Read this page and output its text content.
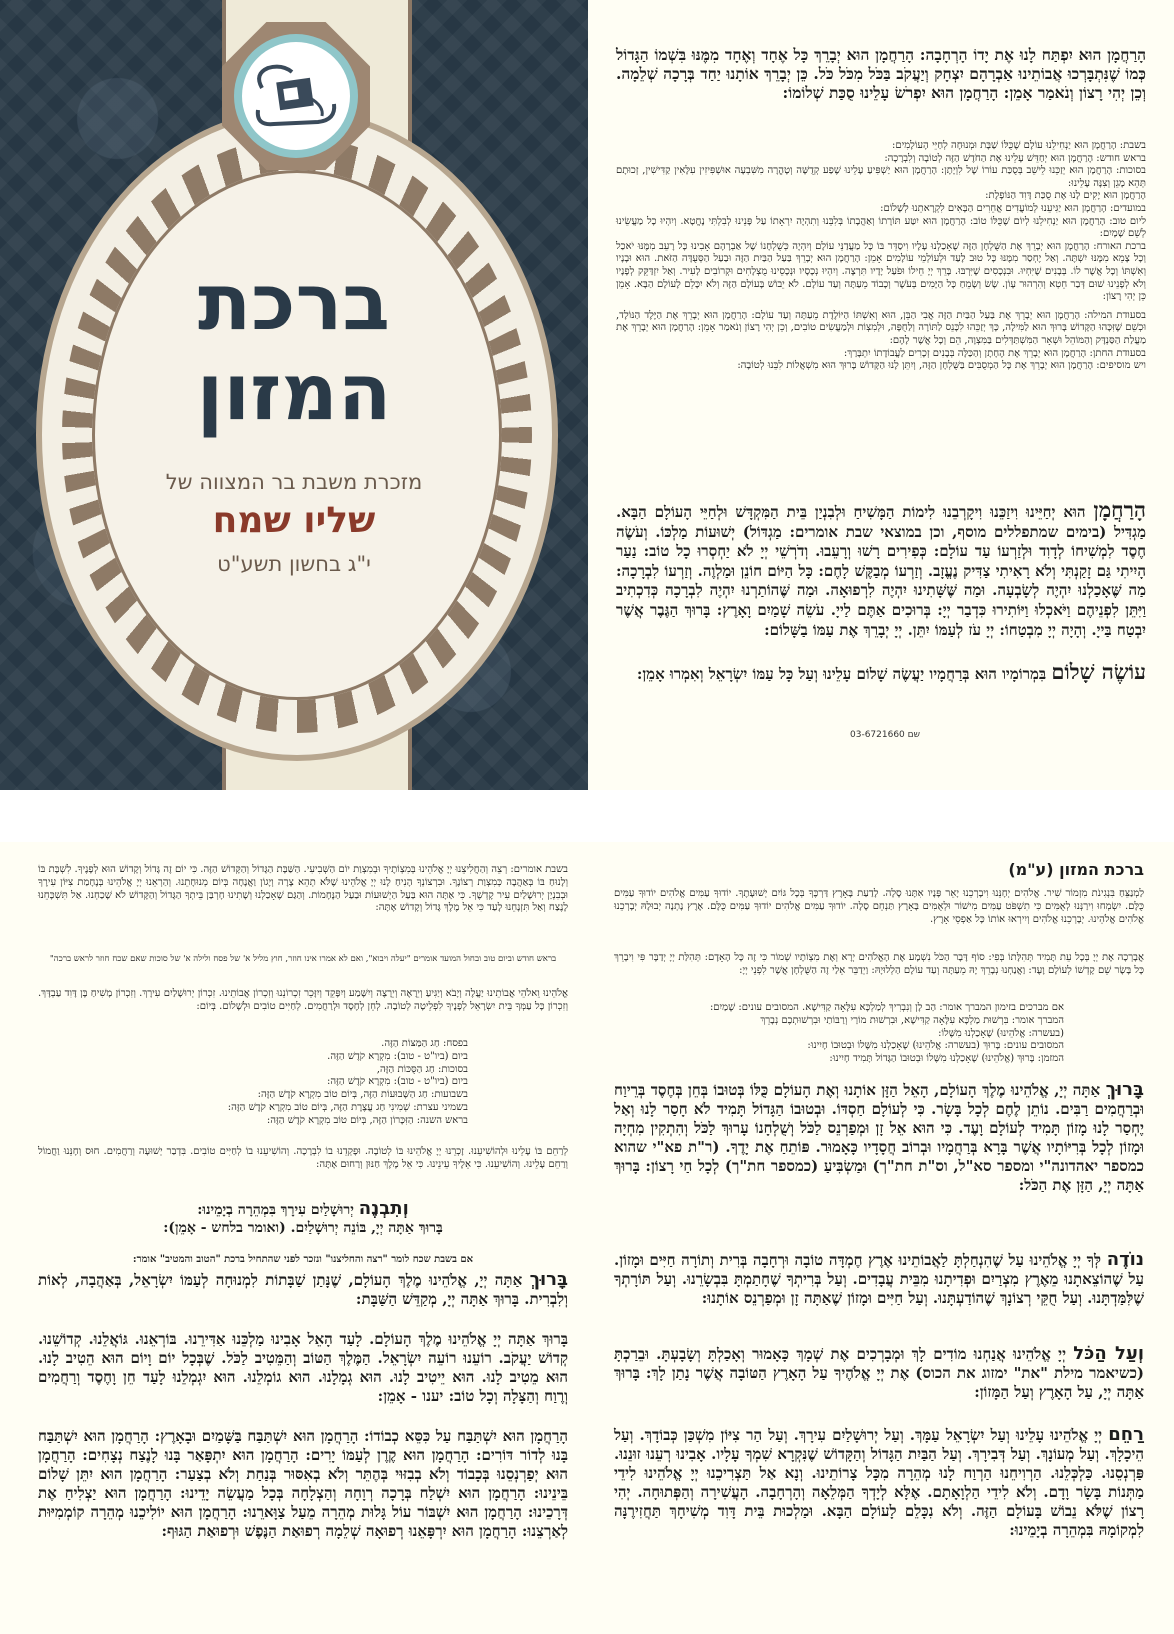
ברכת
המזון
מזכרת משבת בר המצווה של
שליו שמח
י"ג בחשון תשע"ט
הָרַחֲמָן הוּא יִפְתַּח לָנוּ אֶת יָדוֹ הָרְחָבָה: הָרַחֲמָן הוּא יְבָרֵךְ כָּל אֶחָד וְאֶחָד מִמֶּנּוּ בִּשְׁמוֹ הַגָּדוֹל כְּמוֹ שֶׁנִּתְבָּרְכוּ אֲבוֹתֵינוּ אַבְרָהָם יִצְחָק וְיַעֲקֹב בַּכֹּל מִכֹּל כֹּל. כֵּן יְבָרֵךְ אוֹתָנוּ יַחַד בְּרָכָה שְׁלֵמָה. וְכֵן יְהִי רָצוֹן וְנֹאמַר אָמֵן: הָרַחֲמָן הוּא יִפְרֹשׂ עָלֵינוּ סֻכַּת שְׁלוֹמוֹ:
בשבת: הָרַחֲמָן הוּא יַנְחִילֵנוּ עוֹלָם שֶׁכֻּלּוֹ שַׁבָּת וּמְנוּחָה לְחַיֵּי הָעוֹלָמִים:
בראש חודש: הָרַחֲמָן הוּא יְחַדֵּשׁ עָלֵינוּ אֶת הַחֹדֶשׁ הַזֶּה לְטוֹבָה וְלִבְרָכָה:
בסוכות: הָרַחֲמָן הוּא יְזַכֵּנוּ לֵישֵׁב בְּסֻכַּת עוֹרוֹ שֶׁל לִוְיָתָן: הָרַחֲמָן הוּא יַשְׁפִּיעַ עָלֵינוּ שֶׁפַע קְדֻשָּׁה וְטָהֳרָה מִשִּׁבְעָה אוּשְׁפִּיזִין עִלָּאִין קַדִּישִׁין, זְכוּתָם תְּהֵא מָגֵן וְצִנָּה עָלֵינוּ:
הָרַחֲמָן הוּא יָקִים לָנוּ אֶת סֻכַּת דָּוִד הַנּוֹפָלֶת:
במועדים: הָרַחֲמָן הוּא יַגִּיעֵנוּ לְמוֹעֲדִים אֲחֵרִים הַבָּאִים לִקְרָאתֵנוּ לְשָׁלוֹם:
ליום טוב: הָרַחֲמָן הוּא יַנְחִילֵנוּ לְיוֹם שֶׁכֻּלּוֹ טוֹב: הָרַחֲמָן הוּא יִטַּע תּוֹרָתוֹ וְאַהֲבָתוֹ בְּלִבֵּנוּ וְתִהְיֶה יִרְאָתוֹ עַל פָּנֵינוּ לְבִלְתִּי נֶחֱטָא. וְיִהְיוּ כָל מַעֲשֵׂינוּ לְשֵׁם שָׁמָיִם:
ברכת האורח: הָרַחֲמָן הוּא יְבָרֵךְ אֶת הַשֻּׁלְחָן הַזֶּה שֶׁאָכַלְנוּ עָלָיו וִיסַדֵּר בּוֹ כָּל מַעֲדַנֵּי עוֹלָם וְיִהְיֶה כְּשֻׁלְחָנוֹ שֶׁל אַבְרָהָם אָבִינוּ כָּל רָעֵב מִמֶּנּוּ יֹאכַל וְכָל צָמֵא מִמֶּנּוּ יִשְׁתֶּה. וְאַל יֶחְסַר מִמֶּנּוּ כָּל טוּב לָעַד וּלְעוֹלְמֵי עוֹלָמִים אָמֵן: הָרַחֲמָן הוּא יְבָרֵךְ בַּעַל הַבַּיִת הַזֶּה וּבַעַל הַסְּעֻדָּה הַזֹּאת. הוּא וּבָנָיו וְאִשְׁתּוֹ וְכָל אֲשֶׁר לוֹ. בְּבָנִים שֶׁיִּחְיוּ. וּבִנְכָסִים שֶׁיִּרְבּוּ. בָּרֵךְ יְיָ חֵילוֹ וּפֹעַל יָדָיו תִּרְצֶה. וְיִהְיוּ נְכָסָיו וּנְכָסֵינוּ מֻצְלָחִים וּקְרוֹבִים לָעִיר. וְאַל יִזְדַּקֵּק לְפָנָיו וְלֹא לְפָנֵינוּ שׁוּם דְּבַר חֵטְא וְהִרְהוּר עָוֹן. שָׂשׂ וְשָׂמֵחַ כָּל הַיָּמִים בְּעֹשֶׁר וְכָבוֹד מֵעַתָּה וְעַד עוֹלָם. לֹא יֵבוֹשׁ בָּעוֹלָם הַזֶּה וְלֹא יִכָּלֵם לָעוֹלָם הַבָּא. אָמֵן כֵּן יְהִי רָצוֹן:
בסעודת המילה: הָרַחֲמָן הוּא יְבָרֵךְ אֶת בַּעַל הַבַּיִת הַזֶּה אֲבִי הַבֵּן, הוּא וְאִשְׁתּוֹ הַיּוֹלֶדֶת מֵעַתָּה וְעַד עוֹלָם: הָרַחֲמָן הוּא יְבָרֵךְ אֶת הַיֶּלֶד הַנּוֹלָד, וּכְשֵׁם שֶׁזִּכָּהוּ הַקָּדוֹשׁ בָּרוּךְ הוּא לַמִּילָה, כָּךְ יְזַכֵּהוּ לִכָּנֵס לַתּוֹרָה וְלַחֻפָּה, וּלְמִצְוֹת וּלְמַעֲשִׂים טוֹבִים, וְכֵן יְהִי רָצוֹן וְנֹאמַר אָמֵן: הָרַחֲמָן הוּא יְבָרֵךְ אֶת מַעֲלַת הַסַּנְדָּק וְהַמּוֹהֵל וּשְׁאָר הַמִּשְׁתַּדְּלִים בַּמִּצְוָה, הֵם וְכָל אֲשֶׁר לָהֶם:
בסעודת החתן: הָרַחֲמָן הוּא יְבָרֵךְ אֶת הֶחָתָן וְהַכַּלָּה בְּבָנִים זְכָרִים לַעֲבוֹדָתוֹ יִתְבָּרַךְ:
ויש מוסיפים: הָרַחֲמָן הוּא יְבָרֵךְ אֶת כָּל הַמְסֻבִּים בַּשֻּׁלְחָן הַזֶּה, וְיִתֵּן לָנוּ הַקָּדוֹשׁ בָּרוּךְ הוּא מִשְׁאֲלוֹת לִבֵּנוּ לְטוֹבָה:
הָרַחֲמָן הוּא יְחַיֵּינוּ וִיזַכֵּנוּ וִיקָרְבֵנוּ לִימוֹת הַמָּשִׁיחַ וּלְבִנְיַן בֵּית הַמִּקְדָּשׁ וּלְחַיֵּי הָעוֹלָם הַבָּא. מַגְדִּיל (בימים שמתפללים מוסף, וכן במוצאי שבת אומרים: מַגְדּוֹל) יְשׁוּעוֹת מַלְכּוֹ. וְעֹשֶׂה חֶסֶד לִמְשִׁיחוֹ לְדָוִד וּלְזַרְעוֹ עַד עוֹלָם: כְּפִירִים רָשׁוּ וְרָעֵבוּ. וְדֹרְשֵׁי יְיָ לֹא יַחְסְרוּ כָל טוֹב: נַעַר הָיִיתִי גַּם זָקַנְתִּי וְלֹא רָאִיתִי צַדִּיק נֶעֱזָב. וְזַרְעוֹ מְבַקֶּשׁ לָחֶם: כָּל הַיּוֹם חוֹנֵן וּמַלְוֶה. וְזַרְעוֹ לִבְרָכָה: מַה שֶּׁאָכַלְנוּ יִהְיֶה לְשָׂבְעָה. וּמַה שֶּׁשָּׁתִינוּ יִהְיֶה לִרְפוּאָה. וּמַה שֶּׁהוֹתַרְנוּ יִהְיֶה לִבְרָכָה כְּדִכְתִיב וַיִּתֵּן לִפְנֵיהֶם וַיֹּאכְלוּ וַיּוֹתִירוּ כִּדְבַר יְיָ: בְּרוּכִים אַתֶּם לַייָ. עֹשֵׂה שָׁמַיִם וָאָרֶץ: בָּרוּךְ הַגֶּבֶר אֲשֶׁר יִבְטַח בַּייָ. וְהָיָה יְיָ מִבְטַחוֹ: יְיָ עֹז לְעַמּוֹ יִתֵּן. יְיָ יְבָרֵךְ אֶת עַמּוֹ בַשָּׁלוֹם:
עוֹשֶׂה שָׁלוֹם בִּמְרוֹמָיו הוּא בְּרַחֲמָיו יַעֲשֶׂה שָׁלוֹם עָלֵינוּ וְעַל כָּל עַמּוֹ יִשְׂרָאֵל וְאִמְרוּ אָמֵן:
שם 03-6721660
בשבת אומרים: רְצֵה וְהַחֲלִיצֵנוּ יְיָ אֱלֹהֵינוּ בְּמִצְוֹתֶיךָ וּבְמִצְוַת יוֹם הַשְּׁבִיעִי. הַשַּׁבָּת הַגָּדוֹל וְהַקָּדוֹשׁ הַזֶּה. כִּי יוֹם זֶה גָּדוֹל וְקָדוֹשׁ הוּא לְפָנֶיךָ. לִשְׁבָּת בּוֹ וְלָנוּחַ בּוֹ בְּאַהֲבָה כְּמִצְוַת רְצוֹנֶךָ. וּבִרְצוֹנְךָ הָנִיחַ לָנוּ יְיָ אֱלֹהֵינוּ שֶׁלֹּא תְהֵא צָרָה וְיָגוֹן וַאֲנָחָה בְּיוֹם מְנוּחָתֵנוּ. וְהַרְאֵנוּ יְיָ אֱלֹהֵינוּ בְּנֶחָמַת צִיּוֹן עִירֶךָ וּבְבִנְיַן יְרוּשָׁלַיִם עִיר קָדְשֶׁךָ. כִּי אַתָּה הוּא בַּעַל הַיְשׁוּעוֹת וּבַעַל הַנֶּחָמוֹת. וְהַגַּם שֶׁאָכַלְנוּ וְשָׁתִינוּ חָרְבַּן בֵּיתְךָ הַגָּדוֹל וְהַקָּדוֹשׁ לֹא שָׁכַחְנוּ. אַל תִּשְׁכָּחֵנוּ לָנֶצַח וְאַל תִּזְנָחֵנוּ לָעַד כִּי אֵל מֶלֶךְ גָּדוֹל וְקָדוֹשׁ אָתָּה:
בראש חודש וביום טוב ובחול המועד אומרים "יעלה ויבוא", ואם לא אמרו אינו חוזר, חוץ מליל א' של פסח ולילה א' של סוכות שאם שכח חוזר לראש ברכה"
אֱלֹהֵינוּ וֵאלֹהֵי אֲבוֹתֵינוּ יַעֲלֶה וְיָבֹא וְיַגִּיעַ וְיֵרָאֶה וְיֵרָצֶה וְיִשָּׁמַע וְיִפָּקֵד וְיִזָּכֵר זִכְרוֹנֵנוּ וְזִכְרוֹן אֲבוֹתֵינוּ. זִכְרוֹן יְרוּשָׁלַיִם עִירָךְ. וְזִכְרוֹן מָשִׁיחַ בֶּן דָּוִד עַבְדָּךְ. וְזִכְרוֹן כָּל עַמְּךָ בֵּית יִשְׂרָאֵל לְפָנֶיךָ לִפְלֵיטָה לְטוֹבָה. לְחֵן לְחֶסֶד וּלְרַחֲמִים. לְחַיִּים טוֹבִים וּלְשָׁלוֹם. בְּיוֹם:
בפסח: חַג הַמַּצּוֹת הַזֶּה.
ביום (ביו"ט - טוב): מִקְרָא קֹדֶשׁ הַזֶּה.
בסוכות: חַג הַסֻּכּוֹת הַזֶּה,
ביום (ביו"ט - טוב): מִקְרָא קֹדֶשׁ הַזֶּה:
בשבועות: חַג הַשָּׁבוּעוֹת הַזֶּה, בְּיוֹם טוֹב מִקְרָא קֹדֶשׁ הַזֶּה:
בשמיני עצרת: שְׁמִינִי חַג עֲצֶרֶת הַזֶּה, בְּיוֹם טוֹב מִקְרָא קֹדֶשׁ הַזֶּה:
בראש השנה: הַזִּכָּרוֹן הַזֶּה, בְּיוֹם טוֹב מִקְרָא קֹדֶשׁ הַזֶּה:
לְרַחֵם בּוֹ עָלֵינוּ וּלְהוֹשִׁיעֵנוּ. זָכְרֵנוּ יְיָ אֱלֹהֵינוּ בּוֹ לְטוֹבָה. וּפָקְדֵנוּ בוֹ לִבְרָכָה. וְהוֹשִׁיעֵנוּ בוֹ לְחַיִּים טוֹבִים. בִּדְבַר יְשׁוּעָה וְרַחֲמִים. חוּס וְחָנֵּנוּ וַחֲמוֹל וְרַחֵם עָלֵינוּ. וְהוֹשִׁיעֵנוּ. כִּי אֵלֶיךָ עֵינֵינוּ. כִּי אֵל מֶלֶךְ חַנּוּן וְרַחוּם אָתָּה:
וְתִבְנֶה יְרוּשָׁלַיִם עִירָךְ בִּמְהֵרָה בְיָמֵינוּ:
בָּרוּךְ אַתָּה יְיָ, בּוֹנֵה יְרוּשָׁלַיִם. (ואומר בלחש - אָמֵן):
אם בשבת שכח לומר "רצה והחליצנו" ונזכר לפני שהתחיל ברכת "הטוב והמטיב" אומר:
בָּרוּךְ אַתָּה יְיָ, אֱלֹהֵינוּ מֶלֶךְ הָעוֹלָם, שֶׁנָּתַן שַׁבָּתוֹת לִמְנוּחָה לְעַמּוֹ יִשְׂרָאֵל, בְּאַהֲבָה, לְאוֹת וְלִבְרִית. בָּרוּךְ אַתָּה יְיָ, מְקַדֵּשׁ הַשַּׁבָּת:
בָּרוּךְ אַתָּה יְיָ אֱלֹהֵינוּ מֶלֶךְ הָעוֹלָם. לָעַד הָאֵל אָבִינוּ מַלְכֵּנוּ אַדִּירֵנוּ. בּוֹרְאֵנוּ. גּוֹאֲלֵנוּ. קְדוֹשֵׁנוּ. קְדוֹשׁ יַעֲקֹב. רוֹעֵנוּ רוֹעֵה יִשְׂרָאֵל. הַמֶּלֶךְ הַטּוֹב וְהַמֵּטִיב לַכֹּל. שֶׁבְּכָל יוֹם וָיוֹם הוּא הֵטִיב לָנוּ. הוּא מֵטִיב לָנוּ. הוּא יֵיטִיב לָנוּ. הוּא גְמָלָנוּ. הוּא גוֹמְלֵנוּ. הוּא יִגְמְלֵנוּ לָעַד חֵן וָחֶסֶד וְרַחֲמִים וְרֶוַח וְהַצָּלָה וְכָל טוֹב: יענו - אָמֵן:
הָרַחֲמָן הוּא יִשְׁתַּבַּח עַל כִּסֵּא כְבוֹדוֹ: הָרַחֲמָן הוּא יִשְׁתַּבַּח בַּשָּׁמַיִם וּבָאָרֶץ: הָרַחֲמָן הוּא יִשְׁתַּבַּח בָּנוּ לְדוֹר דּוֹרִים: הָרַחֲמָן הוּא קֶרֶן לְעַמּוֹ יָרִים: הָרַחֲמָן הוּא יִתְפָּאַר בָּנוּ לָנֶצַח נְצָחִים: הָרַחֲמָן הוּא יְפַרְנְסֵנוּ בְּכָבוֹד וְלֹא בְבִזּוּי בְּהֶתֵּר וְלֹא בְאִסּוּר בְּנַחַת וְלֹא בְצַעַר: הָרַחֲמָן הוּא יִתֵּן שָׁלוֹם בֵּינֵינוּ: הָרַחֲמָן הוּא יִשְׁלַח בְּרָכָה רְוָחָה וְהַצְלָחָה בְּכָל מַעֲשֵׂה יָדֵינוּ: הָרַחֲמָן הוּא יַצְלִיחַ אֶת דְּרָכֵינוּ: הָרַחֲמָן הוּא יִשְׁבּוֹר עוֹל גָּלוּת מְהֵרָה מֵעַל צַוָּארֵנוּ: הָרַחֲמָן הוּא יוֹלִיכֵנוּ מְהֵרָה קוֹמְמִיּוּת לְאַרְצֵנוּ: הָרַחֲמָן הוּא יִרְפָּאֵנוּ רְפוּאָה שְׁלֵמָה רְפוּאַת הַנֶּפֶשׁ וּרְפוּאַת הַגּוּף:
ברכת המזון (ע"מ)
לַמְנַצֵּחַ בִּנְגִינֹת מִזְמוֹר שִׁיר. אֱלֹהִים יְחָנֵּנוּ וִיבָרְכֵנוּ יָאֵר פָּנָיו אִתָּנוּ סֶלָה. לָדַעַת בָּאָרֶץ דַּרְכֶּךָ בְּכָל גּוֹיִם יְשׁוּעָתֶךָ. יוֹדוּךָ עַמִּים אֱלֹהִים יוֹדוּךָ עַמִּים כֻּלָּם. יִשְׂמְחוּ וִירַנְּנוּ לְאֻמִּים כִּי תִשְׁפֹּט עַמִּים מִישׁוֹר וּלְאֻמִּים בָּאָרֶץ תַּנְחֵם סֶלָה. יוֹדוּךָ עַמִּים אֱלֹהִים יוֹדוּךָ עַמִּים כֻּלָּם. אֶרֶץ נָתְנָה יְבוּלָהּ יְבָרְכֵנוּ אֱלֹהִים אֱלֹהֵינוּ. יְבָרְכֵנוּ אֱלֹהִים וְיִירְאוּ אוֹתוֹ כָּל אַפְסֵי אָרֶץ.
אֲבָרְכָה אֶת יְיָ בְּכָל עֵת תָּמִיד תְּהִלָּתוֹ בְּפִי: סוֹף דָּבָר הַכֹּל נִשְׁמָע אֶת הָאֱלֹהִים יְרָא וְאֶת מִצְוֹתָיו שְׁמוֹר כִּי זֶה כָּל הָאָדָם: תְּהִלַּת יְיָ יְדַבֶּר פִּי וִיבָרֵךְ כָּל בָּשָׂר שֵׁם קָדְשׁוֹ לְעוֹלָם וָעֶד: וַאֲנַחְנוּ נְבָרֵךְ יָהּ מֵעַתָּה וְעַד עוֹלָם הַלְלוּיָהּ: וַיְדַבֵּר אֵלַי זֶה הַשֻּׁלְחָן אֲשֶׁר לִפְנֵי יְיָ:
אם מברכים בזימון המברך אומר: הַב לָן וְנִבְרִיךְ לְמַלְכָּא עִלָּאָה קַדִּישָׁא. המסובים עונים: שָׁמַיִם:
המברך אומר: בִּרְשׁוּת מַלְכָּא עִלָּאָה קַדִּישָׁא, וּבִרְשׁוּת מוֹרַי וְרַבּוֹתַי וּבִרְשׁוּתְכֶם נְבָרֵךְ
(בעשרה: אֱלֹהֵינוּ) שֶׁאָכַלְנוּ מִשֶּׁלוֹ:
המסובים עונים: בָּרוּךְ (בעשרה: אֱלֹהֵינוּ) שֶׁאָכַלְנוּ מִשֶּׁלוֹ וּבְטוּבוֹ חָיִינוּ:
המזמן: בָּרוּךְ (אֱלֹהֵינוּ) שֶׁאָכַלְנוּ מִשֶּׁלוֹ וּבְטוּבוֹ הַגָּדוֹל תָּמִיד חָיִינוּ:
בָּרוּךְ אַתָּה יְיָ, אֱלֹהֵינוּ מֶלֶךְ הָעוֹלָם, הָאֵל הַזָּן אוֹתָנוּ וְאֶת הָעוֹלָם כֻּלּוֹ בְּטוּבוֹ בְּחֵן בְּחֶסֶד בְּרֵיוַח וּבְרַחֲמִים רַבִּים. נוֹתֵן לֶחֶם לְכָל בָּשָׂר. כִּי לְעוֹלָם חַסְדּוֹ. וּבְטוּבוֹ הַגָּדוֹל תָּמִיד לֹא חָסַר לָנוּ וְאַל יֶחְסַר לָנוּ מָזוֹן תָּמִיד לְעוֹלָם וָעֶד. כִּי הוּא אֵל זָן וּמְפַרְנֵס לַכֹּל וְשֻׁלְחָנוֹ עָרוּךְ לַכֹּל וְהִתְקִין מִחְיָה וּמָזוֹן לְכָל בְּרִיּוֹתָיו אֲשֶׁר בָּרָא בְּרַחֲמָיו וּבְרוֹב חֲסָדָיו כָּאָמוּר. פּוֹתֵחַ אֶת יָדֶךָ. (ר"ת פא"י שהוא כמספר יאהדונה"י ומספר סא"ל, וס"ת חת"ך) וּמַשְׂבִּיעַ (כמספר חת"ך) לְכָל חַי רָצוֹן: בָּרוּךְ אַתָּה יְיָ, הַזָּן אֶת הַכֹּל:
נוֹדֶה לְּךָ יְיָ אֱלֹהֵינוּ עַל שֶׁהִנְחַלְתָּ לַאֲבוֹתֵינוּ אֶרֶץ חֶמְדָּה טוֹבָה וּרְחָבָה בְּרִית וְתוֹרָה חַיִּים וּמָזוֹן. עַל שֶׁהוֹצֵאתָנוּ מֵאֶרֶץ מִצְרַיִם וּפְדִיתָנוּ מִבֵּית עֲבָדִים. וְעַל בְּרִיתְךָ שֶׁחָתַמְתָּ בִּבְשָׂרֵנוּ. וְעַל תּוֹרָתְךָ שֶׁלִּמַּדְתָּנוּ. וְעַל חֻקֵּי רְצוֹנָךְ שֶׁהוֹדַעְתָּנוּ. וְעַל חַיִּים וּמָזוֹן שֶׁאַתָּה זָן וּמְפַרְנֵס אוֹתָנוּ:
וְעַל הַכֹּל יְיָ אֱלֹהֵינוּ אֲנַחְנוּ מוֹדִים לָךְ וּמְבָרְכִים אֶת שְׁמָךְ כָּאָמוּר וְאָכַלְתָּ וְשָׂבָעְתָּ. וּבֵרַכְתָּ (כשיאמר מילת "את" ימזוג את הכוס) אֶת יְיָ אֱלֹהֶיךָ עַל הָאָרֶץ הַטּוֹבָה אֲשֶׁר נָתַן לָךְ: בָּרוּךְ אַתָּה יְיָ, עַל הָאָרֶץ וְעַל הַמָּזוֹן:
רַחֵם יְיָ אֱלֹהֵינוּ עָלֵינוּ וְעַל יִשְׂרָאֵל עַמָּךְ. וְעַל יְרוּשָׁלַיִם עִירָךְ. וְעַל הַר צִיּוֹן מִשְׁכַּן כְּבוֹדָךְ. וְעַל הֵיכָלָךְ. וְעַל מְעוֹנָךְ. וְעַל דְּבִירָךְ. וְעַל הַבַּיִת הַגָּדוֹל וְהַקָּדוֹשׁ שֶׁנִּקְרָא שִׁמְךָ עָלָיו. אָבִינוּ רְעֵנוּ זוּנֵנוּ. פַּרְנְסֵנוּ. כַּלְכְּלֵנוּ. הַרְוִיחֵנוּ הַרְוַח לָנוּ מְהֵרָה מִכָּל צָרוֹתֵינוּ. וְנָא אַל תַּצְרִיכֵנוּ יְיָ אֱלֹהֵינוּ לִידֵי מַתְּנוֹת בָּשָׂר וָדָם. וְלֹא לִידֵי הַלְוָאָתָם. אֶלָּא לְיָדְךָ הַמְּלֵאָה וְהָרְחָבָה. הָעֲשִׁירָה וְהַפְּתוּחָה. יְהִי רָצוֹן שֶׁלֹּא נֵבוֹשׁ בָּעוֹלָם הַזֶּה. וְלֹא נִכָּלֵם לָעוֹלָם הַבָּא. וּמַלְכוּת בֵּית דָּוִד מְשִׁיחָךְ תַּחֲזִירֶנָּה לִמְקוֹמָהּ בִּמְהֵרָה בְיָמֵינוּ:
